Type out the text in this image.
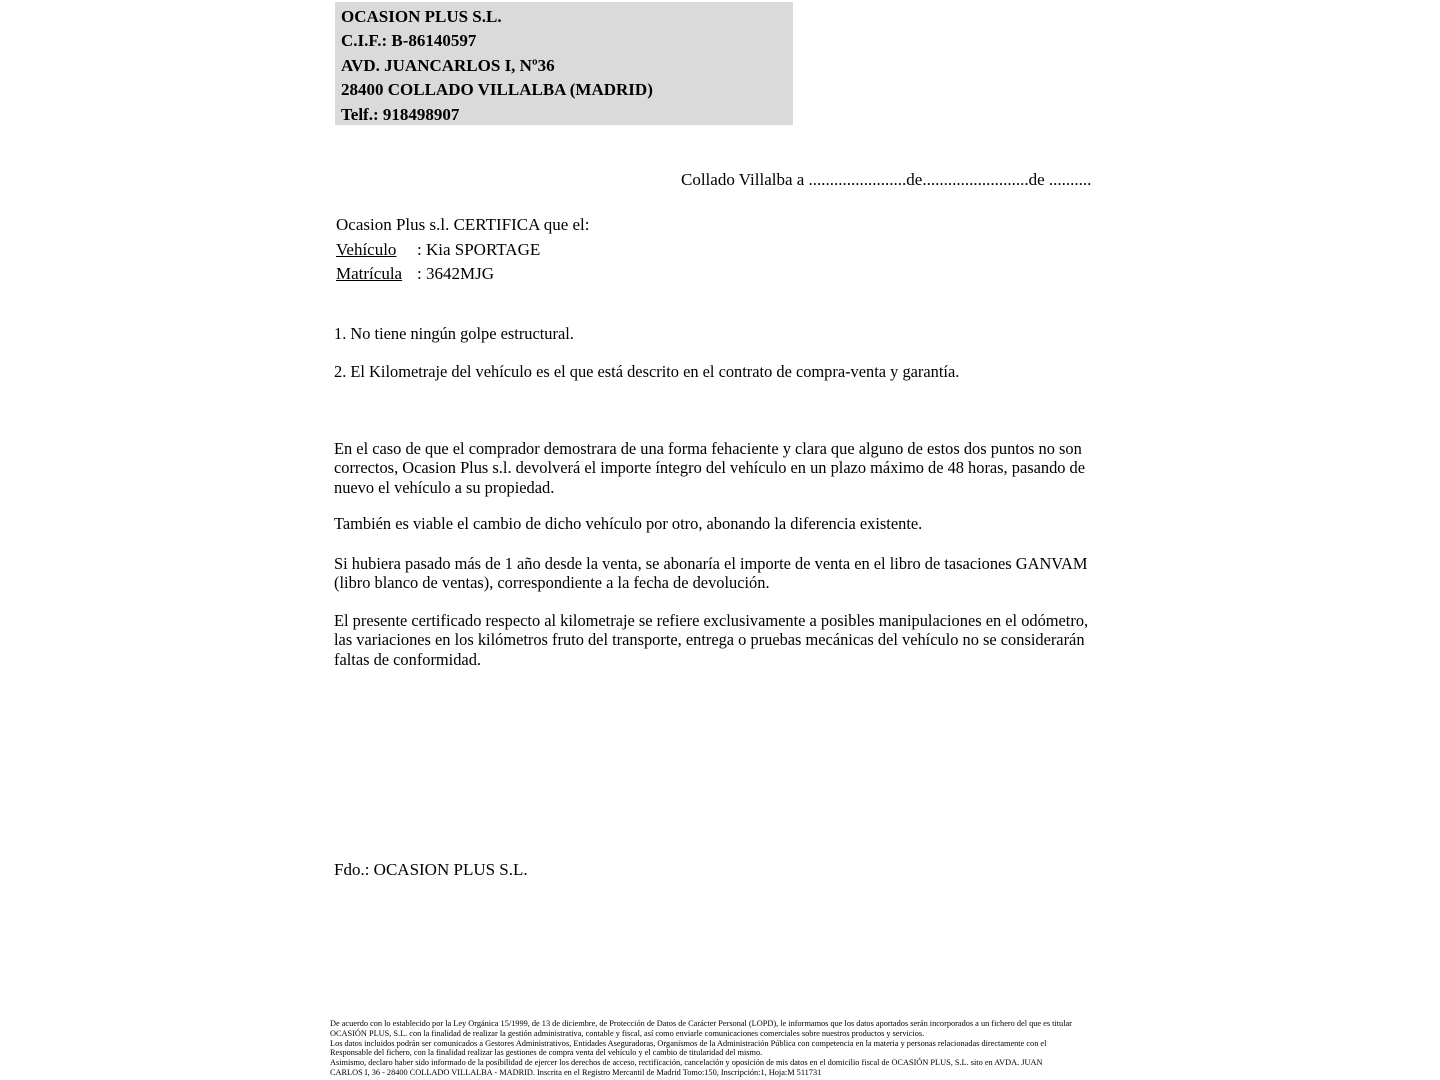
OCASION PLUS S.L.
C.I.F.: B-86140597
AVD. JUANCARLOS I, Nº36
28400 COLLADO VILLALBA (MADRID)
Telf.: 918498907
Collado Villalba a .......................de.........................de ..........
Ocasion Plus s.l. CERTIFICA que el:
Vehículo : Kia SPORTAGE
Matrícula : 3642MJG
1. No tiene ningún golpe estructural.
2. El Kilometraje del vehículo es el que está descrito en el contrato de compra-venta y garantía.
En el caso de que el comprador demostrara de una forma fehaciente y clara que alguno de estos dos puntos no son correctos, Ocasion Plus s.l. devolverá el importe íntegro del vehículo en un plazo máximo de 48 horas, pasando de nuevo el vehículo a su propiedad.
También es viable el cambio de dicho vehículo por otro, abonando la diferencia existente.
Si hubiera pasado más de 1 año desde la venta, se abonaría el importe de venta en el libro de tasaciones GANVAM (libro blanco de ventas), correspondiente a la fecha de devolución.
El presente certificado respecto al kilometraje se refiere exclusivamente a posibles manipulaciones en el odómetro, las variaciones en los kilómetros fruto del transporte, entrega o pruebas mecánicas del vehículo no se considerarán faltas de conformidad.
Fdo.: OCASION PLUS S.L.
De acuerdo con lo establecido por la Ley Orgánica 15/1999, de 13 de diciembre, de Protección de Datos de Carácter Personal (LOPD), le informamos que los datos aportados serán incorporados a un fichero del que es titular
OCASIÓN PLUS, S.L. con la finalidad de realizar la gestión administrativa, contable y fiscal, así como enviarle comunicaciones comerciales sobre nuestros productos y servicios.
Los datos incluidos podrán ser comunicados a Gestores Administrativos, Entidades Aseguradoras, Organismos de la Administración Pública con competencia en la materia y personas relacionadas directamente con el
Responsable del fichero, con la finalidad realizar las gestiones de compra venta del vehículo y el cambio de titularidad del mismo.
Asimismo, declaro haber sido informado de la posibilidad de ejercer los derechos de acceso, rectificación, cancelación y oposición de mis datos en el domicilio fiscal de OCASIÓN PLUS, S.L. sito en AVDA. JUAN
CARLOS I, 36 - 28400 COLLADO VILLALBA - MADRID. Inscrita en el Registro Mercantil de Madrid Tomo:150, Inscripción:1, Hoja:M 511731
